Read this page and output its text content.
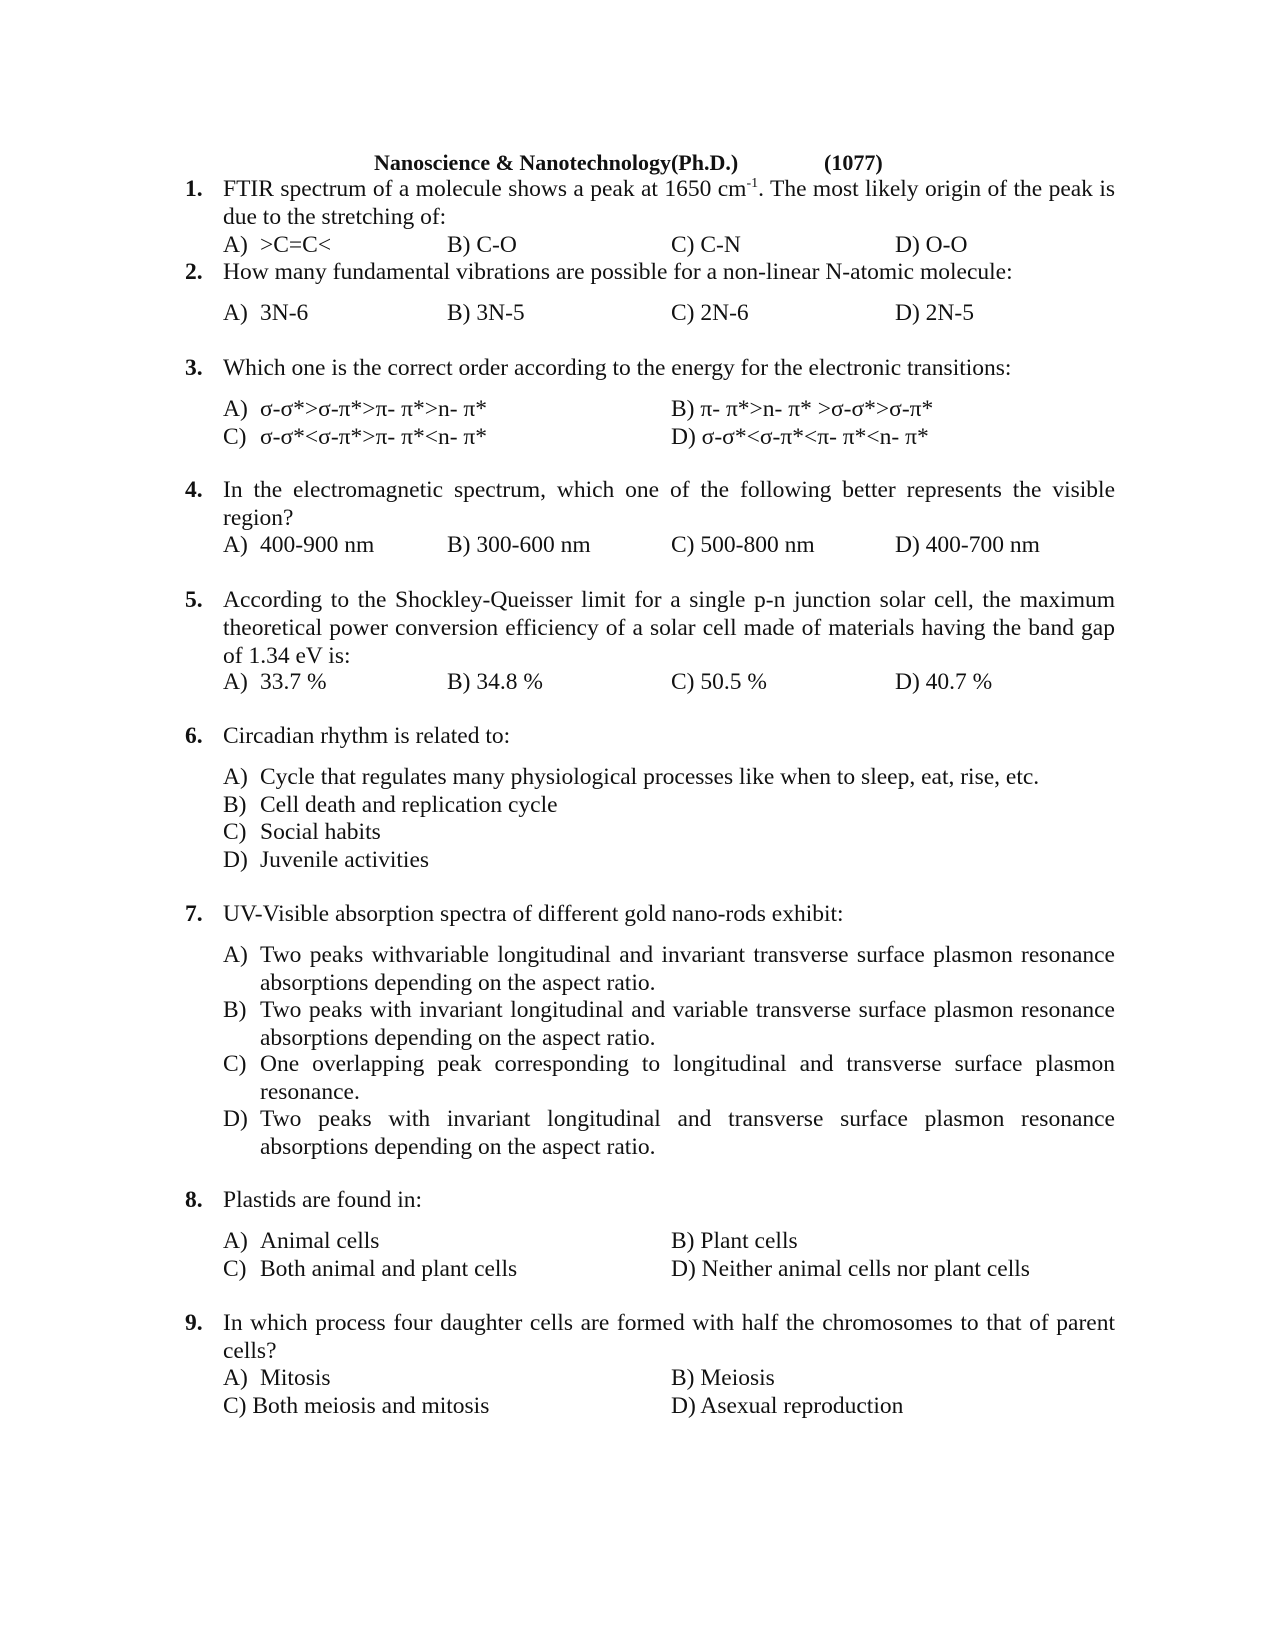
Nanoscience & Nanotechnology(Ph.D.)	(1077)
1. FTIR spectrum of a molecule shows a peak at 1650 $cm^{-1}$. The most likely origin of the peak is due to the stretching of:
A) >C=C<	B) C-O	C) C-N	D) O-O
2. How many fundamental vibrations are possible for a non-linear N-atomic molecule:
A) 3N-6	B) 3N-5	C) 2N-6	D) 2N-5
3. Which one is the correct order according to the energy for the electronic transitions:
A) σ-σ*>σ-π*>π- π*>n- π*	B) π- π*>n- π* >σ-σ*>σ-π*
C) σ-σ*<σ-π*>π- π*<n- π*	D) σ-σ*<σ-π*<π- π*<n- π*
4. In the electromagnetic spectrum, which one of the following better represents the visible region?
A) 400-900 nm	B) 300-600 nm	C) 500-800 nm	D) 400-700 nm
5. According to the Shockley-Queisser limit for a single p-n junction solar cell, the maximum theoretical power conversion efficiency of a solar cell made of materials having the band gap of 1.34 eV is:
A) 33.7 %	B) 34.8 %	C) 50.5 %	D) 40.7 %
6. Circadian rhythm is related to:
A) Cycle that regulates many physiological processes like when to sleep, eat, rise, etc.
B) Cell death and replication cycle
C) Social habits
D) Juvenile activities
7. UV-Visible absorption spectra of different gold nano-rods exhibit:
A) Two peaks withvariable longitudinal and invariant transverse surface plasmon resonance absorptions depending on the aspect ratio.
B) Two peaks with invariant longitudinal and variable transverse surface plasmon resonance absorptions depending on the aspect ratio.
C) One overlapping peak corresponding to longitudinal and transverse surface plasmon resonance.
D) Two peaks with invariant longitudinal and transverse surface plasmon resonance absorptions depending on the aspect ratio.
8. Plastids are found in:
A) Animal cells	B) Plant cells
C) Both animal and plant cells	D) Neither animal cells nor plant cells
9. In which process four daughter cells are formed with half the chromosomes to that of parent cells?
A) Mitosis	B) Meiosis
C) Both meiosis and mitosis	D) Asexual reproduction
